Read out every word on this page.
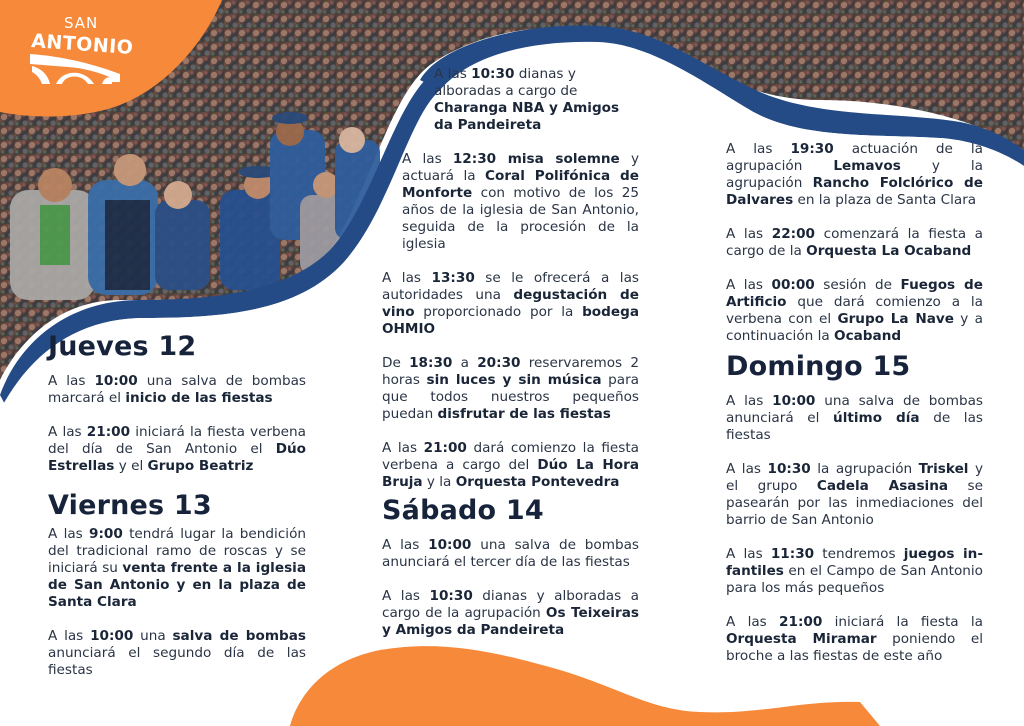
SAN
ANTONIO
Jueves 12

A las 10:00 una salva de bombas marcará el inicio de las fiestas

A las 21:00 iniciará la fiesta verbena del día de San Antonio el Dúo Estrellas y el Grupo Beatriz

Viernes 13

A las 9:00 tendrá lugar la bendición del tradicional ramo de roscas y se iniciará su venta frente a la iglesia de San Antonio y en la plaza de Santa Clara

A las 10:00 una salva de bombas anunciará el segundo día de las fiestas

A las 10:30 dianas y alboradas a cargo de Charanga NBA y Amigos da Pandeireta

A las 12:30 misa solemne y actuará la Coral Polifónica de Monforte con motivo de los 25 años de la iglesia de San Antonio, seguida de la procesión de la iglesia

A las 13:30 se le ofrecerá a las autoridades una degustación de vino proporcionado por la bodega OHMIO

De 18:30 a 20:30 reservaremos 2 horas sin luces y sin música para que todos nuestros pequeños puedan disfrutar de las fiestas

A las 21:00 dará comienzo la fiesta verbena a cargo del Dúo La Hora Bruja y la Orquesta Pontevedra

Sábado 14

A las 10:00 una salva de bombas anunciará el tercer día de las fiestas

A las 10:30 dianas y alboradas a cargo de la agrupación Os Teixeiras y Amigos da Pandeireta

A las 19:30 actuación de la agrupación Lemavos y la agrupación Rancho Folclórico de Dalvares en la plaza de Santa Clara

A las 22:00 comenzará la fiesta a cargo de la Orquesta La Ocaband

A las 00:00 sesión de Fuegos de Artificio que dará comienzo a la verbena con el Grupo La Nave y a continuación la Ocaband

Domingo 15

A las 10:00 una salva de bombas anunciará el último día de las fiestas

A las 10:30 la agrupación Triskel y el grupo Cadela Asasina se pasearán por las inmediaciones del barrio de San Antonio

A las 11:30 tendremos juegos infantiles en el Campo de San Antonio para los más pequeños

A las 21:00 iniciará la fiesta la Orquesta Miramar poniendo el broche a las fiestas de este año
